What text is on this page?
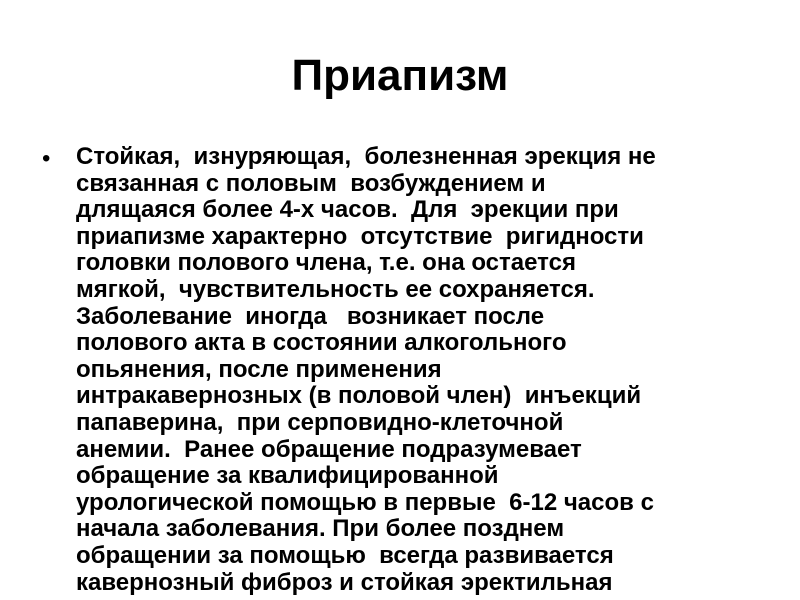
Приапизм
• Стойкая,  изнуряющая,  болезненная эрекция не
связанная с половым  возбуждением и
длящаяся более 4-х часов.  Для  эрекции при
приапизме характерно  отсутствие  ригидности
головки полового члена, т.е. она остается
мягкой,  чувствительность ее сохраняется.
Заболевание  иногда   возникает после
полового акта в состоянии алкогольного
опьянения, после применения
интракавернозных (в половой член)  инъекций
папаверина,  при серповидно-клеточной
анемии.  Ранее обращение подразумевает
обращение за квалифицированной
урологической помощью в первые  6-12 часов с
начала заболевания. При более позднем
обращении за помощью  всегда развивается
кавернозный фиброз и стойкая эректильная
